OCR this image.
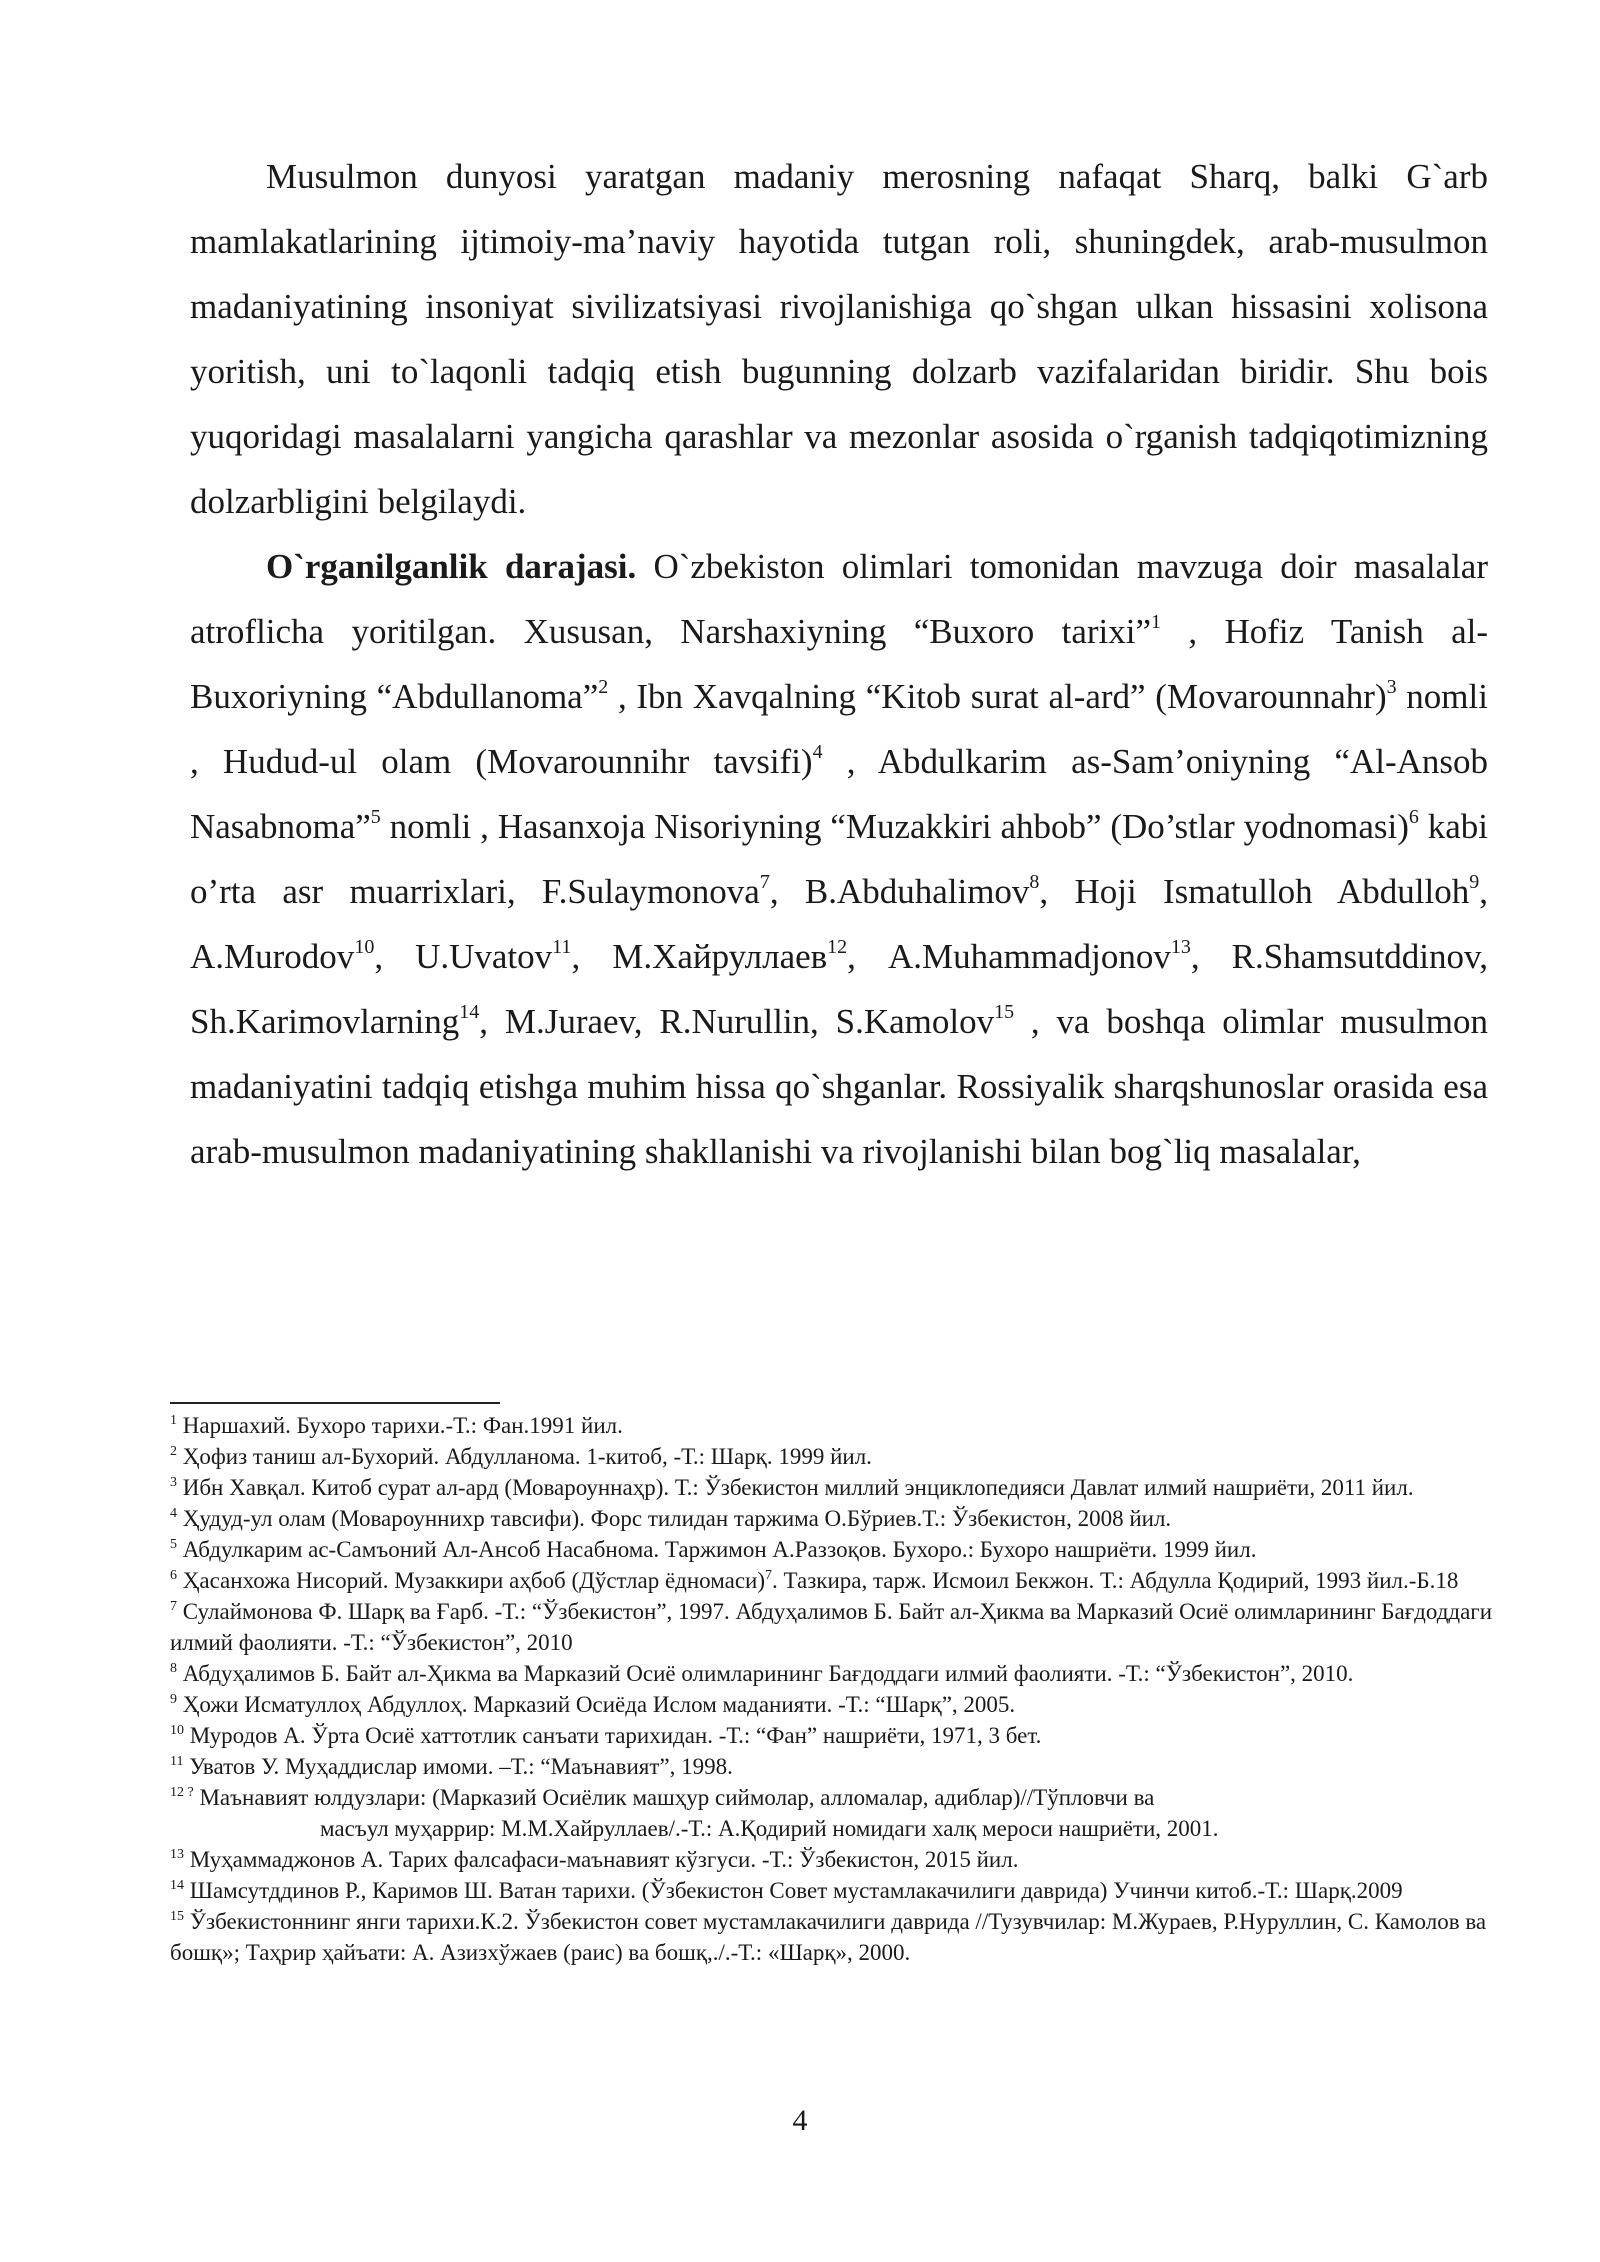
Musulmon dunyosi yaratgan madaniy merosning nafaqat Sharq, balki G`arb mamlakatlarining ijtimoiy-ma’naviy hayotida tutgan roli, shuningdek, arab-musulmon madaniyatining insoniyat sivilizatsiyasi rivojlanishiga qo`shgan ulkan hissasini xolisona yoritish, uni to`laqonli tadqiq etish bugunning dolzarb vazifalaridan biridir. Shu bois yuqoridagi masalalarni yangicha qarashlar va mezonlar asosida o`rganish tadqiqotimizning dolzarbligini belgilaydi.

O`rganilganlik darajasi. O`zbekiston olimlari tomonidan mavzuga doir masalalar atroflicha yoritilgan. Xususan, Narshaxiyning “Buxoro tarixi”$^1$ , Hofiz Tanish al-Buxoriyning “Abdullanoma”$^2$ , Ibn Xavqalning “Kitob surat al-ard” (Movarounnahr)$^3$ nomli , Hudud-ul olam (Movarounnihr tavsifi)$^4$ , Abdulkarim as-Sam’oniyning “Al-Ansob Nasabnoma”$^5$ nomli , Hasanxoja Nisoriyning “Muzakkiri ahbob” (Do’stlar yodnomasi)$^6$ kabi o’rta asr muarrixlari, F.Sulaymonova$^7$, B.Abduhalimov$^8$, Hoji Ismatulloh Abdulloh$^9$, A.Murodov$^{10}$, U.Uvatov$^{11}$, M.Хайруллаев$^{12}$, A.Muhammadjonov$^{13}$, R.Shamsutddinov, Sh.Karimovlarning$^{14}$, M.Juraev, R.Nurullin, S.Kamolov$^{15}$ , va boshqa olimlar musulmon madaniyatini tadqiq etishga muhim hissa qo`shganlar. Rossiyalik sharqshunoslar orasida esa arab-musulmon madaniyatining shakllanishi va rivojlanishi bilan bog`liq masalalar,

$^1$ Наршахий. Бухоро тарихи.-Т.: Фан.1991 йил.

$^2$ Ҳофиз таниш ал-Бухорий. Абдулланома. 1-китоб, -Т.: Шарқ. 1999 йил.

$^3$ Ибн Хавқал. Китоб сурат ал-ард (Мовароуннаҳр). Т.: Ўзбекистон миллий энциклопедияси Давлат илмий нашриёти, 2011 йил.

$^4$ Ҳудуд-ул олам (Мовароуннихр тавсифи). Форс тилидан таржима О.Бўриев.Т.: Ўзбекистон, 2008 йил.

$^5$ Абдулкарим ас-Самъоний Ал-Ансоб Насабнома. Таржимон А.Раззоқов. Бухоро.: Бухоро нашриёти. 1999 йил.

$^6$ Ҳасанхожа Нисорий. Музаккири аҳбоб (Дўстлар ёдномаси)$^7$. Тазкира, тарж. Исмоил Бекжон. Т.: Абдулла Қодирий, 1993 йил.-Б.18

$^7$ Сулаймонова Ф. Шарқ ва Ғарб. -Т.: “Ўзбекистон”, 1997. Абдуҳалимов Б. Байт ал-Ҳикма ва Марказий Осиё олимларининг Бағдоддаги илмий фаолияти. -Т.: “Ўзбекистон”, 2010

$^8$ Абдуҳалимов Б. Байт ал-Ҳикма ва Марказий Осиё олимларининг Бағдоддаги илмий фаолияти. -Т.: “Ўзбекистон”, 2010.

$^9$ Ҳожи Исматуллоҳ Абдуллоҳ. Марказий Осиёда Ислом маданияти. -Т.: “Шарқ”, 2005.

$^{10}$ Муродов А. Ўрта Осиё хаттотлик санъати тарихидан. -Т.: “Фан” нашриёти, 1971, 3 бет.

$^{11}$ Уватов У. Муҳаддислар имоми. –Т.: “Маънавият”, 1998.

$^{12 ?}$ Маънавият юлдузлари: (Марказий Осиёлик машҳур сиймолар, алломалар, адиблар)//Тўпловчи ва
масъул муҳаррир: М.М.Хайруллаев/.-Т.: А.Қодирий номидаги халқ мероси нашриёти, 2001.

$^{13}$ Муҳаммаджонов А. Тарих фалсафаси-маънавият кўзгуси. -Т.: Ўзбекистон, 2015 йил.

$^{14}$ Шамсутддинов Р., Каримов Ш. Ватан тарихи. (Ўзбекистон Совет мустамлакачилиги даврида) Учинчи китоб.-Т.: Шарқ.2009

$^{15}$ Ўзбекистоннинг янги тарихи.К.2. Ўзбекистон совет мустамлакачилиги даврида //Тузувчилар: М.Жураев, Р.Нуруллин, С. Камолов ва бошқ»; Таҳрир ҳайъати: А. Азизхўжаев (раис) ва бошқ,./.-Т.: «Шарқ», 2000.

4
